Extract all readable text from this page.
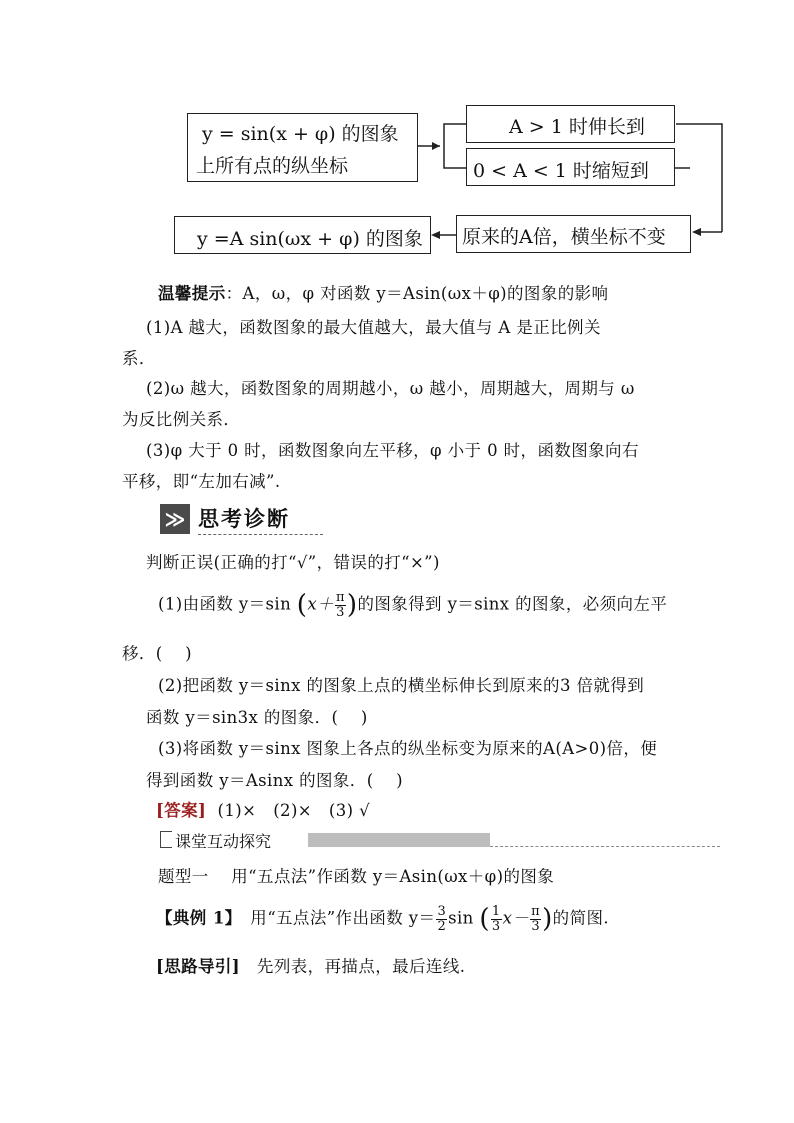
y = sin(x + φ) 的图象
上所有点的纵坐标
A > 1 时伸长到
0 < A < 1 时缩短到
原来的A倍，横坐标不变
y =A sin(ωx + φ) 的图象
温馨提示：A，ω，φ 对函数 y＝Asin(ωx＋φ)的图象的影响
(1)A 越大，函数图象的最大值越大，最大值与 A 是正比例关
系．
(2)ω 越大，函数图象的周期越小，ω 越小，周期越大，周期与 ω
为反比例关系．
(3)φ 大于 0 时，函数图象向左平移，φ 小于 0 时，函数图象向右
平移，即“左加右减”.
≫ 思考诊断
判断正误(正确的打“√”，错误的打“×”)
(1)由函数 y＝sin ($x+ \frac{\pi}{3}$ )的图象得到 y＝sinx 的图象，必须向左平
移．(　 )
(2)把函数 y＝sinx 的图象上点的横坐标伸长到原来的3 倍就得到
函数 y＝sin3x 的图象．(　 )
(3)将函数 y＝sinx 图象上各点的纵坐标变为原来的A(A>0)倍，便
得到函数 y＝Asinx 的图象．(　 )
[答案] (1)×　(2)×　(3) √
课堂互动探究
题型一　 用“五点法”作函数 y＝Asin(ωx＋φ)的图象
【典例 1】　用“五点法”作出函数 $y= \frac{3}{2}$ sin ( $\frac{1}{3} x- \frac{\pi}{3}$ )的简图.
[思路导引]　先列表，再描点，最后连线.
